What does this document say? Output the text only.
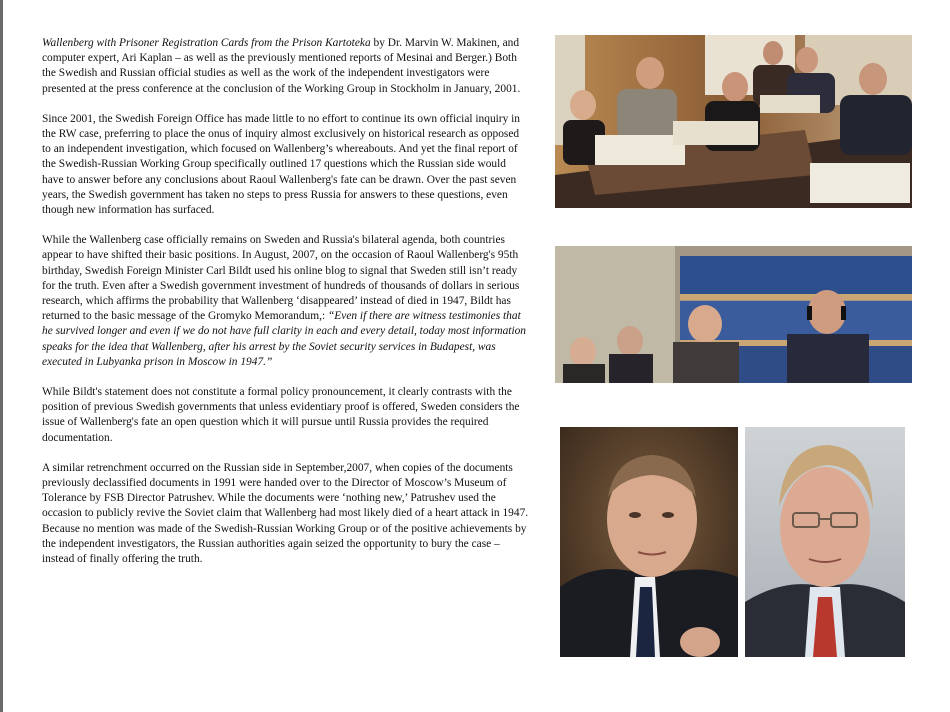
Wallenberg with Prisoner Registration Cards from the Prison Kartoteka by Dr. Marvin W. Makinen, and computer expert, Ari Kaplan – as well as the previously mentioned reports of Mesinai and Berger.) Both the Swedish and Russian official studies as well as the work of the independent investigators were presented at the press conference at the conclusion of the Working Group in Stockholm in January, 2001.

Since 2001, the Swedish Foreign Office has made little to no effort to continue its own official inquiry in the RW case, preferring to place the onus of inquiry almost exclusively on historical research as opposed to an independent investigation, which focused on Wallenberg’s whereabouts. And yet the final report of the Swedish-Russian Working Group specifically outlined 17 questions which the Russian side would have to answer before any conclusions about Raoul Wallenberg's fate can be drawn. Over the past seven years, the Swedish government has taken no steps to press Russia for answers to these questions, even though new information has surfaced.

While the Wallenberg case officially remains on Sweden and Russia's bilateral agenda, both countries appear to have shifted their basic positions. In August, 2007, on the occasion of Raoul Wallenberg's 95th birthday, Swedish Foreign Minister Carl Bildt used his online blog to signal that Sweden still isn’t ready for the truth. Even after a Swedish government investment of hundreds of thousands of dollars in serious research, which affirms the probability that Wallenberg ‘disappeared’ instead of died in 1947, Bildt has returned to the basic message of the Gromyko Memorandum,: “Even if there are witness testimonies that he survived longer and even if we do not have full clarity in each and every detail, today most information speaks for the idea that Wallenberg, after his arrest by the Soviet security services in Budapest, was executed in Lubyanka prison in Moscow in 1947.”

While Bildt's statement does not constitute a formal policy pronouncement, it clearly contrasts with the position of previous Swedish governments that unless evidentiary proof is offered, Sweden considers the issue of Wallenberg's fate an open question which it will pursue until Russia provides the required documentation.

A similar retrenchment occurred on the Russian side in September,2007, when copies of the documents previously declassified documents in 1991 were handed over to the Director of Moscow’s Museum of Tolerance by FSB Director Patrushev. While the documents were ‘nothing new,’ Patrushev used the occasion to publicly revive the Soviet claim that Wallenberg had most likely died of a heart attack in 1947. Because no mention was made of the Swedish-Russian Working Group or of the positive achievements by the independent investigators, the Russian authorities again seized the opportunity to bury the case – instead of finally offering the truth.
